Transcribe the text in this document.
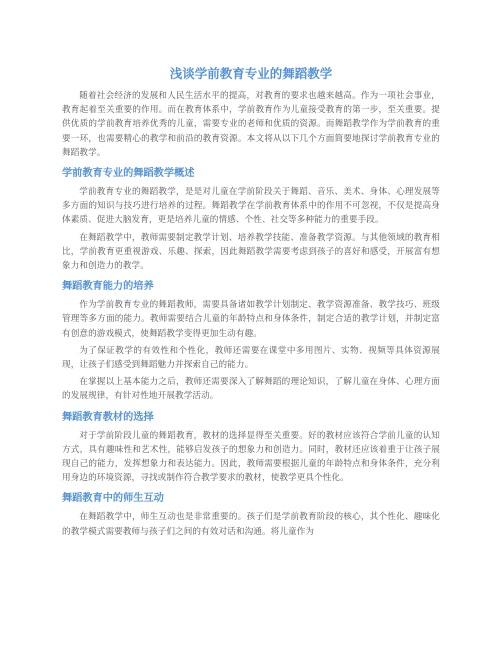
浅谈学前教育专业的舞蹈教学

随着社会经济的发展和人民生活水平的提高，对教育的要求也越来越高。作为一项社会事业，教育起着至关重要的作用。而在教育体系中，学前教育作为儿童接受教育的第一步，至关重要。提供优质的学前教育培养优秀的儿童，需要专业的老师和优质的资源。而舞蹈教学作为学前教育的重要一环，也需要精心的教学和前沿的教育资源。本文将从以下几个方面简要地探讨学前教育专业的舞蹈教学。

学前教育专业的舞蹈教学概述

学前教育专业的舞蹈教学，是是对儿童在学前阶段关于舞蹈、音乐、美术、身体、心理发展等多方面的知识与技巧进行培养的过程。舞蹈教学在学前教育体系中的作用不可忽视，不仅是提高身体素质、促进大脑发育，更是培养儿童的情感、个性、社交等多种能力的重要手段。

在舞蹈教学中，教师需要制定教学计划、培养教学技能、准备教学资源。与其他领域的教育相比，学前教育更重视游戏、乐趣、探索，因此舞蹈教学需要考虑到孩子的喜好和感受，开展富有想象力和创造力的教学。

舞蹈教育能力的培养

作为学前教育专业的舞蹈教师，需要具备诸如教学计划制定、教学资源准备、教学技巧、班级管理等多方面的能力。教师需要结合儿童的年龄特点和身体条件，制定合适的教学计划，并制定富有创意的游戏模式，使舞蹈教学变得更加生动有趣。

为了保证教学的有效性和个性化，教师还需要在课堂中多用图片、实物、视频等具体资源展现，让孩子们感受到舞蹈魅力并探索自己的能力。

在掌握以上基本能力之后，教师还需要深入了解舞蹈的理论知识，了解儿童在身体、心理方面的发展规律，有针对性地开展教学活动。

舞蹈教育教材的选择

对于学前阶段儿童的舞蹈教育，教材的选择显得至关重要。好的教材应该符合学前儿童的认知方式，具有趣味性和艺术性，能够启发孩子的想象力和创造力。同时，教材还应该着重于让孩子展现自己的能力，发挥想象力和表达能力。因此，教师需要根据儿童的年龄特点和身体条件，充分利用身边的环境资源，寻找或制作符合教学要求的教材，使教学更具个性化。

舞蹈教育中的师生互动

在舞蹈教学中，师生互动也是非常重要的。孩子们是学前教育阶段的核心，其个性化、趣味化的教学模式需要教师与孩子们之间的有效对话和沟通。将儿童作为
